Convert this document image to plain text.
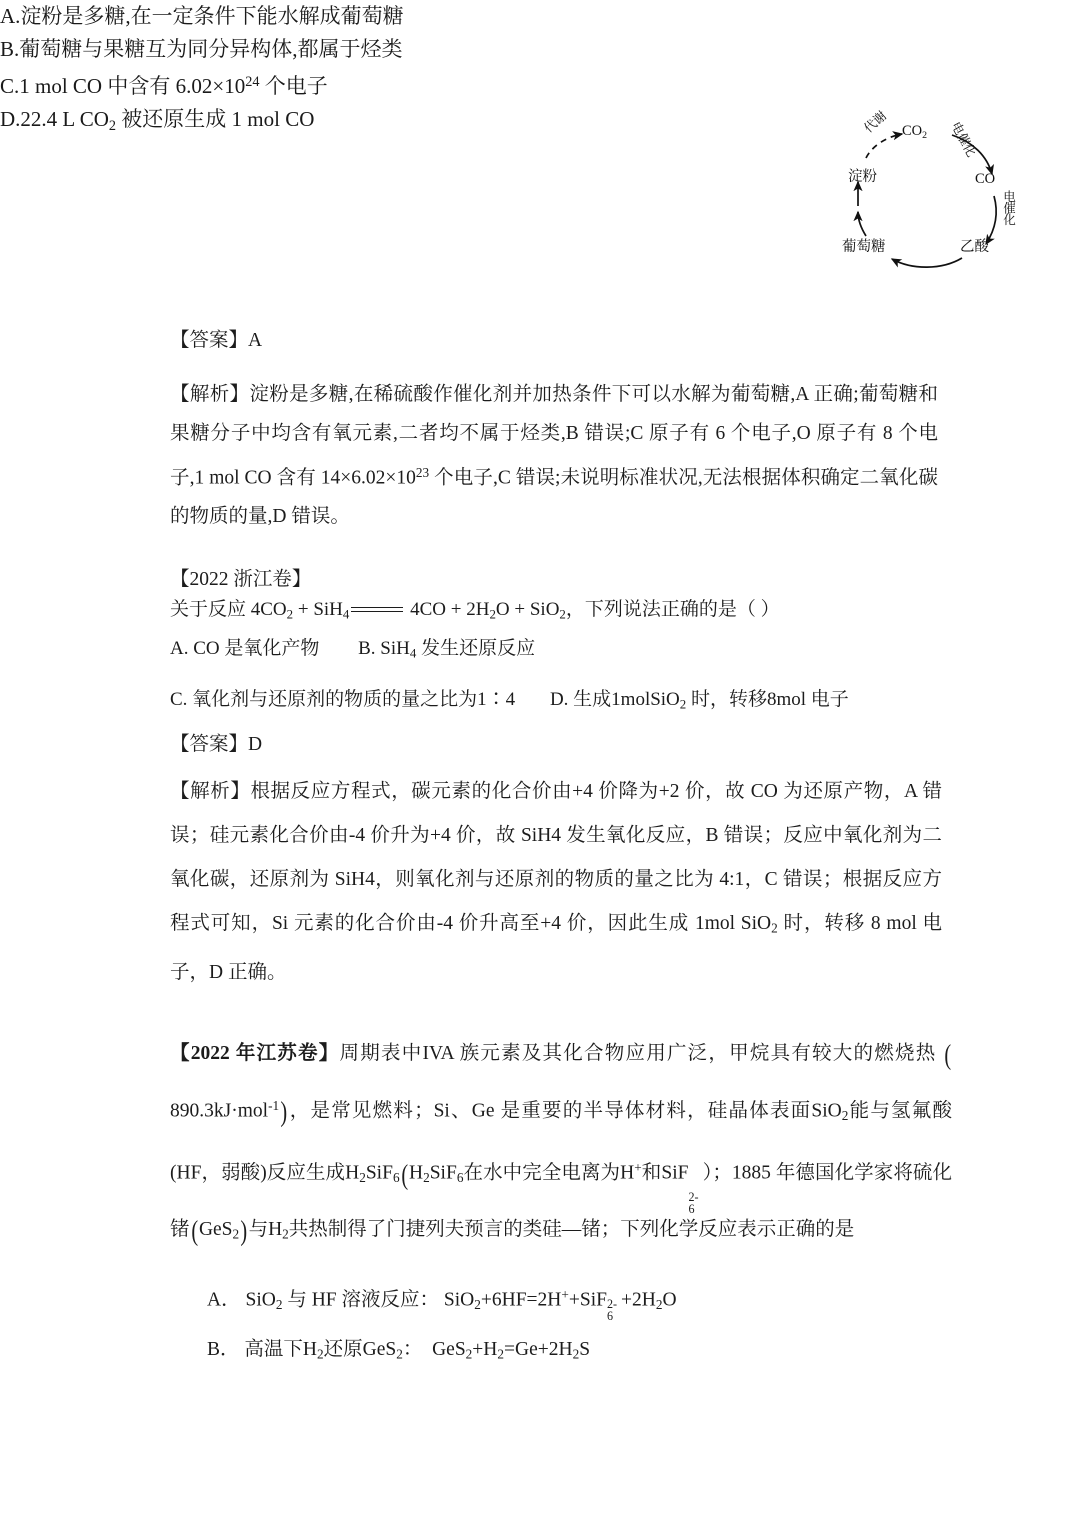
A.淀粉是多糖,在一定条件下能水解成葡萄糖
B.葡萄糖与果糖互为同分异构体,都属于烃类
C.1 mol CO 中含有 $6.02\times 10^{24}$ 个电子
D.22.4 L $CO_2$ 被还原生成 1 mol CO
$CO_2$
CO
乙酸
葡萄糖
淀粉
代谢	电催化
电催化
【答案】A

【解析】淀粉是多糖,在稀硫酸作催化剂并加热条件下可以水解为葡萄糖,A 正确;葡萄糖和果糖分子中均含有氧元素,二者均不属于烃类,B 错误;C 原子有 6 个电子,O 原子有 8 个电子,1 mol CO 含有 $14\times 6.02\times 10^{23}$ 个电子,C 错误;未说明标准状况,无法根据体积确定二氧化碳的物质的量,D 错误。

【2022 浙江卷】
关于反应 $4CO_2 + SiH_4$	$4CO + 2H_2O + SiO_2$，下列说法正确的是（ ）
A. CO 是氧化产物 B. SiH$_4$ 发生还原反应
C. 氧化剂与还原剂的物质的量之比为1∶4 D. 生成1molSiO$_2$ 时，转移8mol 电子
【答案】D

【解析】根据反应方程式，碳元素的化合价由+4 价降为+2 价，故 CO 为还原产物，A 错误；硅元素化合价由-4 价升为+4 价，故 SiH4 发生氧化反应，B 错误；反应中氧化剂为二氧化碳，还原剂为 SiH4，则氧化剂与还原剂的物质的量之比为 4:1，C 错误；根据反应方程式可知，Si 元素的化合价由-4 价升高至+4 价，因此生成 1mol SiO$_2$ 时，转移 8 mol 电子，D 正确。

【2022 年江苏卷】周期表中IVA 族元素及其化合物应用广泛，甲烷具有较大的燃烧热 (890.3kJ·mol$^{-1}$)，是常见燃料；Si、Ge 是重要的半导体材料，硅晶体表面SiO$_2$能与氢氟酸(HF，弱酸)反应生成$H_2SiF_6(H_2SiF_6$在水中完全电离为H+和SiF
2-
6
）；1885 年德国化学家将硫化锗(GeS$_2$)与$H_2$共热制得了门捷列夫预言的类硅—锗；下列化学反应表示正确的是

A． SiO$_2$ 与 HF 溶液反应： SiO$_2$+6HF=2H++SiF 2-
6
$+2H_2O$
B． 高温下$H_2$还原GeS$_2$：  $GeS_2+H_2=Ge+2H_2S$
